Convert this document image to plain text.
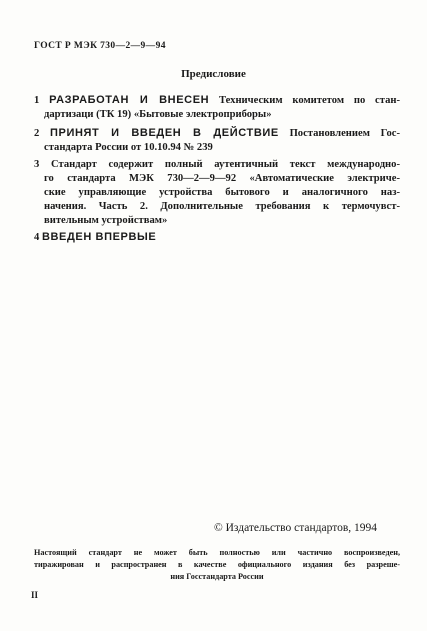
ГОСТ Р МЭК 730—2—9—94
Предисловие
1 РАЗРАБОТАН И ВНЕСЕН Техническим комитетом по стан-
дартизаци (ТК 19) «Бытовые электроприборы»
2 ПРИНЯТ И ВВЕДЕН В ДЕЙСТВИЕ Постановлением Гос-
стандарта России от 10.10.94 № 239
3 Стандарт содержит полный аутентичный текст международно-
го стандарта МЭК 730—2—9—92 «Автоматические электриче-
ские управляющие устройства бытового и аналогичного наз-
начения. Часть 2. Дополнительные требования к термочувст-
вительным устройствам»
4 ВВЕДЕН ВПЕРВЫЕ
© Издательство стандартов, 1994
Настоящий стандарт не может быть полностью или частично воспроизведен,
тиражирован и распространен в качестве официального издания без разреше-
ния Госстандарта России
II
